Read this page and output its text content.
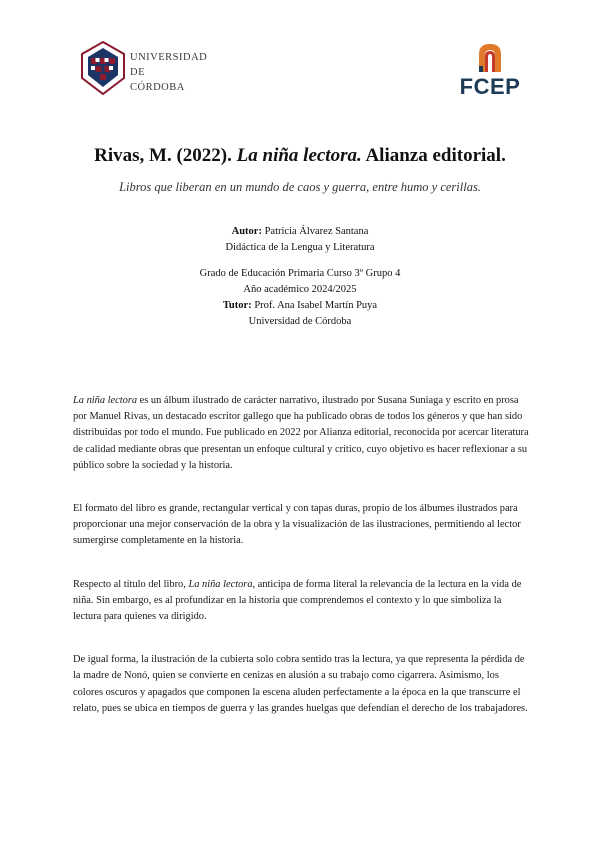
UNIVERSIDAD
DE
CÓRDOBA	FCEP
Rivas, M. (2022). La niña lectora. Alianza editorial.
Libros que liberan en un mundo de caos y guerra, entre humo y cerillas.
Autor: Patricia Álvarez Santana
Didáctica de la Lengua y Literatura
Grado de Educación Primaria Curso 3º Grupo 4
Año académico 2024/2025
Tutor: Prof. Ana Isabel Martín Puya
Universidad de Córdoba

La niña lectora es un álbum ilustrado de carácter narrativo, ilustrado por Susana Suniaga y escrito en prosa por Manuel Rivas, un destacado escritor gallego que ha publicado obras de todos los géneros y que han sido distribuidas por todo el mundo. Fue publicado en 2022 por Alianza editorial, reconocida por acercar literatura de calidad mediante obras que presentan un enfoque cultural y crítico, cuyo objetivo es hacer reflexionar a su público sobre la sociedad y la historia.

El formato del libro es grande, rectangular vertical y con tapas duras, propio de los álbumes ilustrados para proporcionar una mejor conservación de la obra y la visualización de las ilustraciones, permitiendo al lector sumergirse completamente en la historia.

Respecto al título del libro, La niña lectora, anticipa de forma literal la relevancia de la lectura en la vida de niña. Sin embargo, es al profundizar en la historia que comprendemos el contexto y lo que simboliza la lectura para quienes va dirigido.

De igual forma, la ilustración de la cubierta solo cobra sentido tras la lectura, ya que representa la pérdida de la madre de Nonó, quien se convierte en cenizas en alusión a su trabajo como cigarrera. Asimismo, los colores oscuros y apagados que componen la escena aluden perfectamente a la época en la que transcurre el relato, pues se ubica en tiempos de guerra y las grandes huelgas que defendían el derecho de los trabajadores.
